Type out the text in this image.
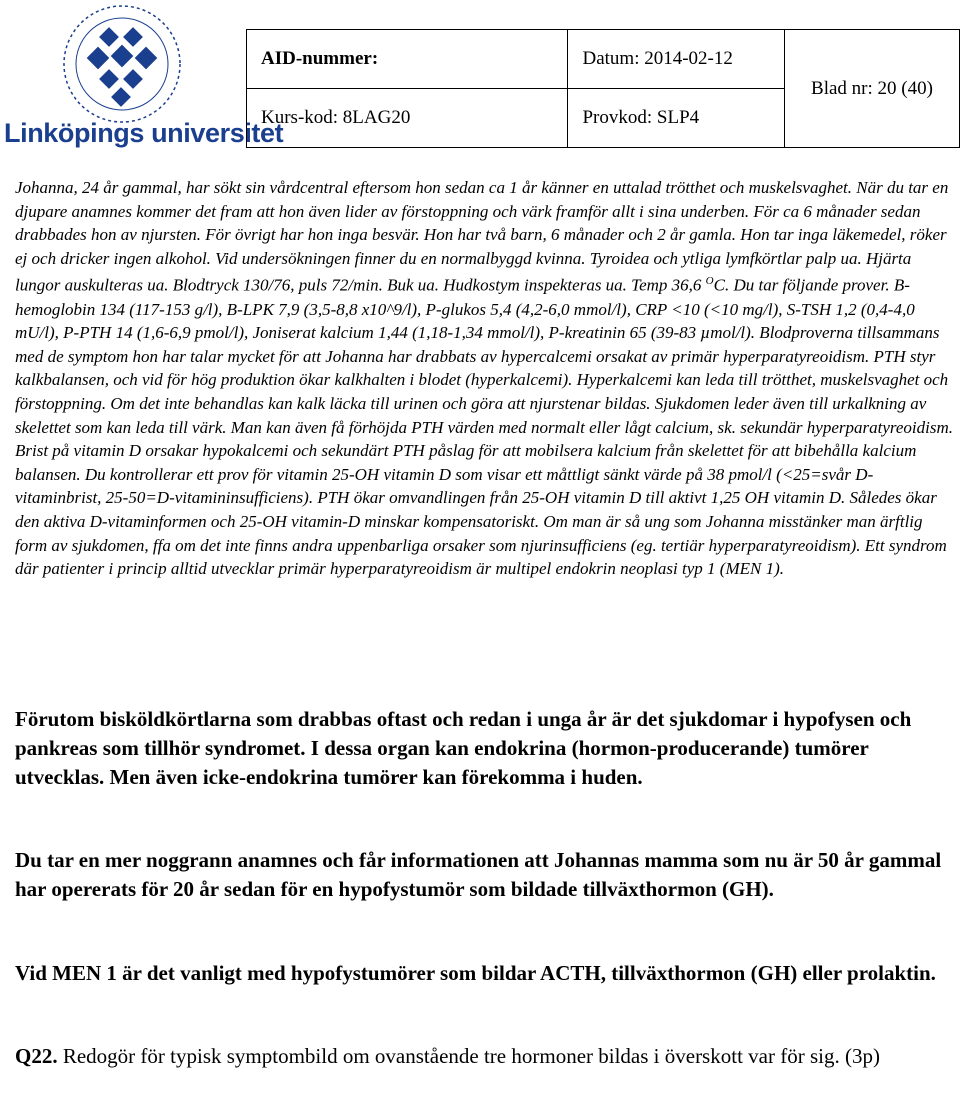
Linköpings universitet
AID-nummer:	Datum: 2014-02-12	Blad nr: 20 (40)
Kurs-kod: 8LAG20	Provkod: SLP4	

Johanna, 24 år gammal, har sökt sin vårdcentral eftersom hon sedan ca 1 år känner en uttalad trötthet och muskelsvaghet. När du tar en djupare anamnes kommer det fram att hon även lider av förstoppning och värk framför allt i sina underben. För ca 6 månader sedan drabbades hon av njursten. För övrigt har hon inga besvär. Hon har två barn, 6 månader och 2 år gamla. Hon tar inga läkemedel, röker ej och dricker ingen alkohol. Vid undersökningen finner du en normalbyggd kvinna. Tyroidea och ytliga lymfkörtlar palp ua. Hjärta lungor auskulteras ua. Blodtryck 130/76, puls 72/min. Buk ua. Hudkostym inspekteras ua. Temp 36,6 $^O$C. Du tar följande prover. B-hemoglobin 134 (117-153 g/l), B-LPK 7,9 (3,5-8,8 x10^9/l), P-glukos 5,4 (4,2-6,0 mmol/l), CRP <10 (<10 mg/l), S-TSH 1,2 (0,4-4,0 mU/l), P-PTH 14 (1,6-6,9 pmol/l), Joniserat kalcium 1,44 (1,18-1,34 mmol/l), P-kreatinin 65 (39-83 µmol/l). Blodproverna tillsammans med de symptom hon har talar mycket för att Johanna har drabbats av hypercalcemi orsakat av primär hyperparatyreoidism. PTH styr kalkbalansen, och vid för hög produktion ökar kalkhalten i blodet (hyperkalcemi). Hyperkalcemi kan leda till trötthet, muskelsvaghet och förstoppning. Om det inte behandlas kan kalk läcka till urinen och göra att njurstenar bildas. Sjukdomen leder även till urkalkning av skelettet som kan leda till värk. Man kan även få förhöjda PTH värden med normalt eller lågt calcium, sk. sekundär hyperparatyreoidism. Brist på vitamin D orsakar hypokalcemi och sekundärt PTH påslag för att mobilsera kalcium från skelettet för att bibehålla kalcium balansen. Du kontrollerar ett prov för vitamin 25-OH vitamin D som visar ett måttligt sänkt värde på 38 pmol/l (<25=svår D-vitaminbrist, 25-50=D-vitamininsufficiens). PTH ökar omvandlingen från 25-OH vitamin D till aktivt 1,25 OH vitamin D. Således ökar den aktiva D-vitaminformen och 25-OH vitamin-D minskar kompensatoriskt. Om man är så ung som Johanna misstänker man ärftlig form av sjukdomen, ffa om det inte finns andra uppenbarliga orsaker som njurinsufficiens (eg. tertiär hyperparatyreoidism). Ett syndrom där patienter i princip alltid utvecklar primär hyperparatyreoidism är multipel endokrin neoplasi typ 1 (MEN 1).

Förutom bisköldkörtlarna som drabbas oftast och redan i unga år är det sjukdomar i hypofysen och pankreas som tillhör syndromet. I dessa organ kan endokrina (hormon-producerande) tumörer utvecklas. Men även icke-endokrina tumörer kan förekomma i huden.

Du tar en mer noggrann anamnes och får informationen att Johannas mamma som nu är 50 år gammal har opererats för 20 år sedan för en hypofystumör som bildade tillväxthormon (GH).

Vid MEN 1 är det vanligt med hypofystumörer som bildar ACTH, tillväxthormon (GH) eller prolaktin.

Q22. Redogör för typisk symptombild om ovanstående tre hormoner bildas i överskott var för sig. (3p)
